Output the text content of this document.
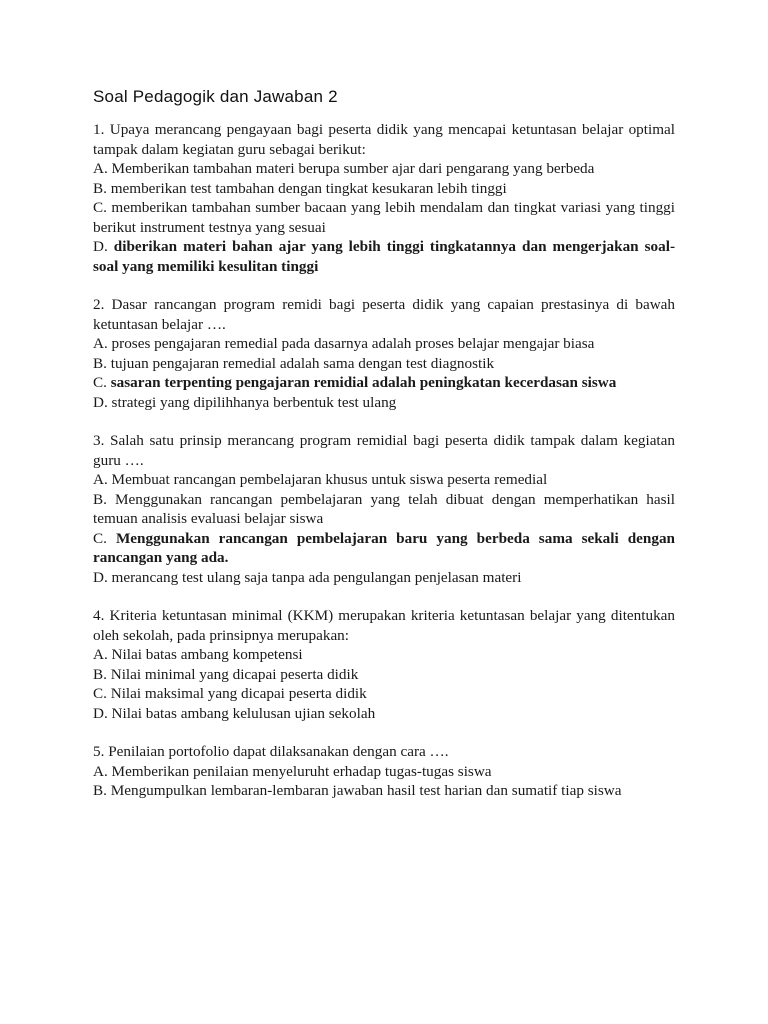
Soal Pedagogik dan Jawaban 2
1. Upaya merancang pengayaan bagi peserta didik yang mencapai ketuntasan belajar optimal tampak dalam kegiatan guru sebagai berikut:
A. Memberikan tambahan materi berupa sumber ajar dari pengarang yang berbeda
B. memberikan test tambahan dengan tingkat kesukaran lebih tinggi
C. memberikan tambahan sumber bacaan yang lebih mendalam dan tingkat variasi yang tinggi berikut instrument testnya yang sesuai
D. diberikan materi bahan ajar yang lebih tinggi tingkatannya dan mengerjakan soal-soal yang memiliki kesulitan tinggi
2. Dasar rancangan program remidi bagi peserta didik yang capaian prestasinya di bawah ketuntasan belajar ….
A. proses pengajaran remedial pada dasarnya adalah proses belajar mengajar biasa
B. tujuan pengajaran remedial adalah sama dengan test diagnostik
C. sasaran terpenting pengajaran remidial adalah peningkatan kecerdasan siswa
D. strategi yang dipilihhanya berbentuk test ulang
3. Salah satu prinsip merancang program remidial bagi peserta didik tampak dalam kegiatan guru ….
A. Membuat rancangan pembelajaran khusus untuk siswa peserta remedial
B. Menggunakan rancangan pembelajaran yang telah dibuat dengan memperhatikan hasil temuan analisis evaluasi belajar siswa
C. Menggunakan rancangan pembelajaran baru yang berbeda sama sekali dengan rancangan yang ada.
D. merancang test ulang saja tanpa ada pengulangan penjelasan materi
4. Kriteria ketuntasan minimal (KKM) merupakan kriteria ketuntasan belajar yang ditentukan oleh sekolah, pada prinsipnya merupakan:
A. Nilai batas ambang kompetensi
B. Nilai minimal yang dicapai peserta didik
C. Nilai maksimal yang dicapai peserta didik
D. Nilai batas ambang kelulusan ujian sekolah
5. Penilaian portofolio dapat dilaksanakan dengan cara ….
A. Memberikan penilaian menyeluruht erhadap tugas-tugas siswa
B. Mengumpulkan lembaran-lembaran jawaban hasil test harian dan sumatif tiap siswa
